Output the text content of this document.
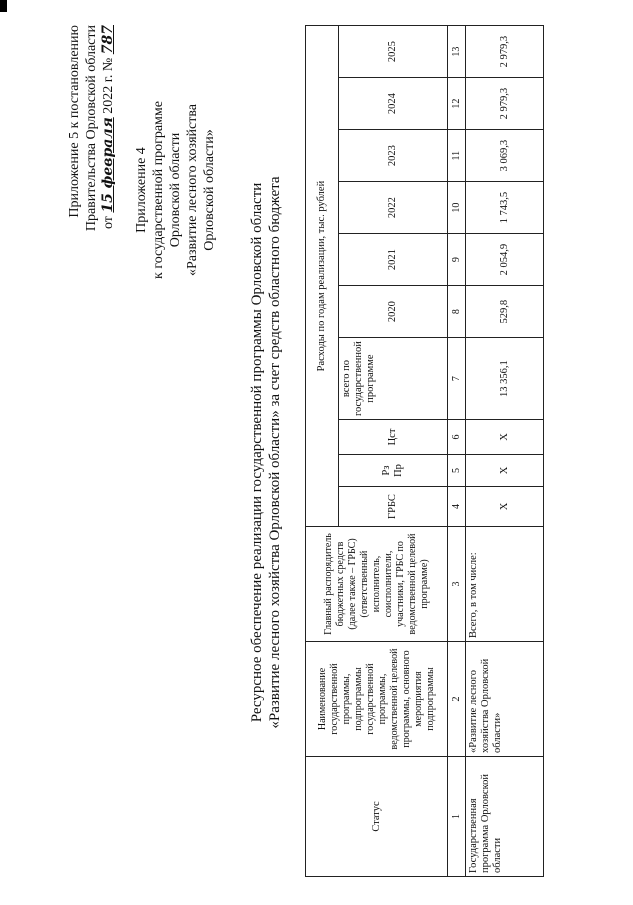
Приложение 5 к постановлению Правительства Орловской области от 15 февраля 2022 г. № 787
Приложение 4 к государственной программе Орловской области «Развитие лесного хозяйства Орловской области» Ресурсное обеспечение реализации государственной программы Орловской области «Развитие лесного хозяйства Орловской области» за счет средств областного бюджета
Статус	Наименование государственной программы, подпрограммы государственной программы, ведомственной целевой программы, основного мероприятия подпрограммы	Главный распорядитель бюджетных средств (далее также – ГРБС) (ответственный исполнитель, соисполнители, участники, ГРБС по ведомственной целевой программе)	Расходы по годам реализации, тыс. рублей									
			ГРБС	Рз Пр	Цст	всего по государственной программе	2020	2021	2022	2023	2024	2025
1	2	3	4	5	6	7	8	9	10	11	12	13
Государственная программа Орловской области	«Развитие лесного хозяйства Орловской области»	Всего, в том числе:	X	X	X	13 356,1	529,8	2 054,9	1 743,5	3 069,3	2 979,3	2 979,3
